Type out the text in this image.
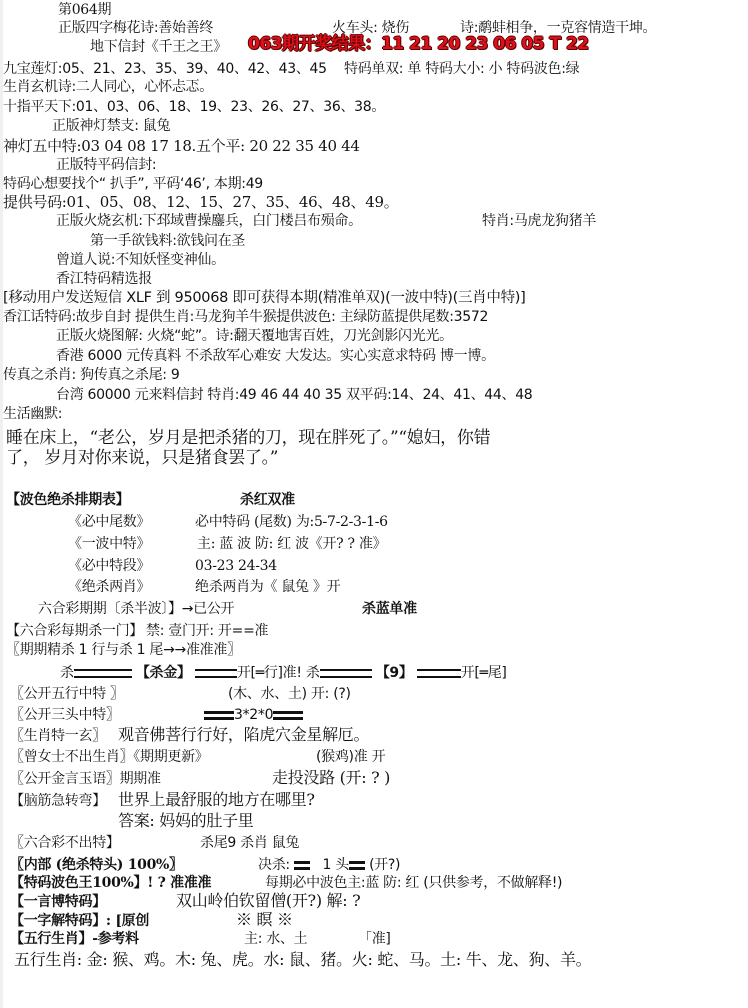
第064期
正版四字梅花诗:善始善终	火车头: 烧伤	诗:鹬蚌相争，一克容情造干坤。
地下信封《千王之王》 063期开奖结果：11 21 20 23 06 05 T 22
九宝莲灯:05、21、23、35、39、40、42、43、45 特码单双: 单 特码大小: 小 特码波色:绿
生肖玄机诗:二人同心，心怀忐忑。
十指平天下:01、03、06、18、19、23、26、27、36、38。
正版神灯禁支: 鼠兔
神灯五中特:03 04 08 17 18.五个平: 20 22 35 40 44
正版特平码信封:
特码心想要找个“ 扒手”, 平码‘46’, 本期:49
提供号码:01、05、08、12、15、27、35、46、48、49。
正版火烧玄机:下邳域曹操鏖兵，白门楼吕布殒命。	特肖:马虎龙狗猪羊
第一手欲钱料:欲钱问在圣
曾道人说:不知妖怪变神仙。
香江特码精选报
[移动用户发送短信 XLF 到 950068 即可获得本期(精准单双)(一波中特)(三肖中特)]
香江话特码:故步自封 提供生肖:马龙狗羊牛猴提供波色: 主绿防蓝提供尾数:3572
正版火烧图解: 火烧“蛇”。诗:翻天覆地害百姓，刀光剑影闪光光。
香港 6000 元传真料 不杀敌军心难安 大发达。实心实意求特码 博一博。
传真之杀肖: 狗传真之杀尾: 9
台湾 60000 元来料信封 特肖:49 46 44 40 35 双平码:14、24、41、44、48
生活幽默:
睡在床上，“老公，岁月是把杀猪的刀，现在胖死了。”“媳妇，你错
了， 岁月对你来说，只是猪食罢了。”
【波色绝杀排期表】	杀红双准
《必中尾数》	必中特码 (尾数) 为:5-7-2-3-1-6
《一波中特》	主: 蓝 波 防: 红 波《开? ? 准》
《必中特段》	03-23 24-34
《绝杀两肖》	绝杀两肖为《 鼠兔 》开
六合彩期期〔杀半波〕】→已公开	杀蓝单准
【六合彩每期杀一门】 禁: 壹门开: 开==准
〖期期精杀 1 行与杀 1 尾→→准准准〗
杀	【杀金】	开[═行]准! 杀	【9】	开[═尾]
〖公开五行中特 〗	(木、水、土) 开: (?)
〖公开三头中特〗	3*2*0
〖生肖特一玄〗 观音佛菩行行好，陷虎穴金星解厄。
〖曾女士不出生肖〗《期期更新》	(猴鸡)准 开
〖公开金言玉语〗期期准	走投没路 (开: ? )
【脑筋急转弯】 世界上最舒服的地方在哪里?
答案: 妈妈的肚子里
〖六合彩不出特】	杀尾9 杀肖 鼠兔
〖内部 (绝杀特头) 100%〗	决杀: 1 头 (开?)
【特码波色王100%】! ? 准准准	每期必中波色主:蓝 防: 红 (只供参考，不做解释!)
【一言博特码】	双山岭伯钦留僧(开?) 解: ?
【一字解特码】: [原创	※ 瞑 ※
【五行生肖】-参考料	主: 水、土	「准]
五行生肖: 金: 猴、鸡。木: 兔、虎。水: 鼠、猪。火: 蛇、马。土: 牛、龙、狗、羊。
